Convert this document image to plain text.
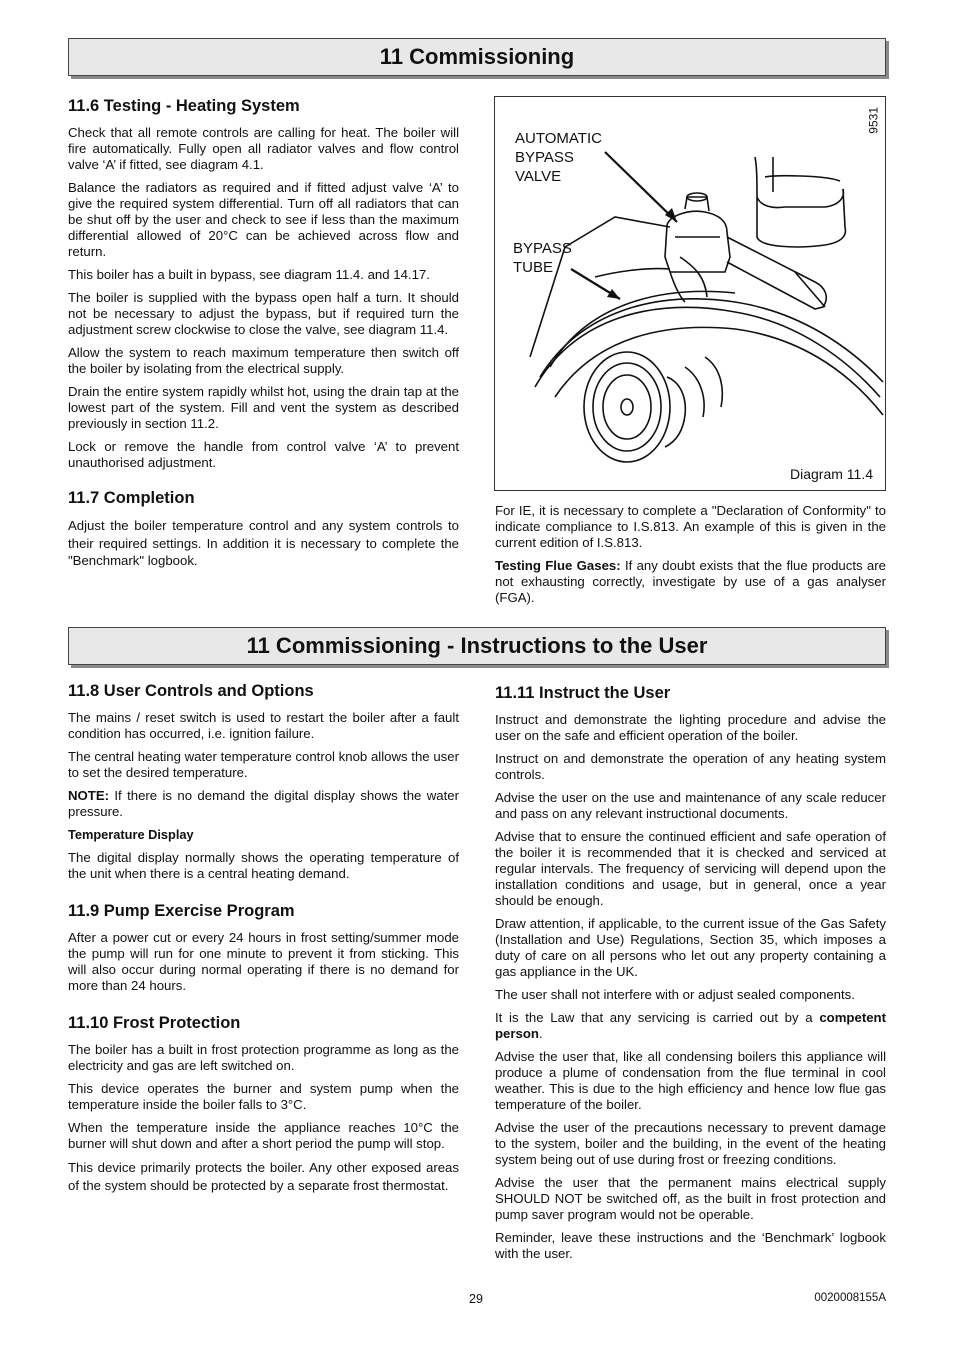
11 Commissioning
11.6 Testing - Heating System

Check that all remote controls are calling for heat. The boiler will fire automatically. Fully open all radiator valves and flow control valve ‘A’ if fitted, see diagram 4.1.

Balance the radiators as required and if fitted adjust valve ‘A’ to give the required system differential. Turn off all radiators that can be shut off by the user and check to see if less than the maximum differential allowed of 20°C can be achieved across flow and return.

This boiler has a built in bypass, see diagram 11.4. and 14.17.

The boiler is supplied with the bypass open half a turn. It should not be necessary to adjust the bypass, but if required turn the adjustment screw clockwise to close the valve, see diagram 11.4.

Allow the system to reach maximum temperature then switch off the boiler by isolating from the electrical supply.

Drain the entire system rapidly whilst hot, using the drain tap at the lowest part of the system. Fill and vent the system as described previously in section 11.2.

Lock or remove the handle from control valve ‘A’ to prevent unauthorised adjustment.

11.7 Completion

Adjust the boiler temperature control and any system controls to their required settings. In addition it is necessary to complete the "Benchmark" logbook.

AUTOMATIC
BYPASS
VALVE
BYPASS
TUBE
9531
Diagram 11.4

For IE, it is necessary to complete a "Declaration of Conformity" to indicate compliance to I.S.813. An example of this is given in the current edition of I.S.813.

Testing Flue Gases: If any doubt exists that the flue products are not exhausting correctly, investigate by use of a gas analyser (FGA).

11 Commissioning - Instructions to the User
11.8 User Controls and Options

The mains / reset switch is used to restart the boiler after a fault condition has occurred, i.e. ignition failure.

The central heating water temperature control knob allows the user to set the desired temperature.

NOTE: If there is no demand the digital display shows the water pressure.

Temperature Display

The digital display normally shows the operating temperature of the unit when there is a central heating demand.

11.9 Pump Exercise Program

After a power cut or every 24 hours in frost setting/summer mode the pump will run for one minute to prevent it from sticking. This will also occur during normal operating if there is no demand for more than 24 hours.

11.10 Frost Protection

The boiler has a built in frost protection programme as long as the electricity and gas are left switched on.

This device operates the burner and system pump when the temperature inside the boiler falls to 3°C.

When the temperature inside the appliance reaches 10°C the burner will shut down and after a short period the pump will stop.

This device primarily protects the boiler. Any other exposed areas of the system should be protected by a separate frost thermostat.

11.11 Instruct the User

Instruct and demonstrate the lighting procedure and advise the user on the safe and efficient operation of the boiler.

Instruct on and demonstrate the operation of any heating system controls.

Advise the user on the use and maintenance of any scale reducer and pass on any relevant instructional documents.

Advise that to ensure the continued efficient and safe operation of the boiler it is recommended that it is checked and serviced at regular intervals. The frequency of servicing will depend upon the installation conditions and usage, but in general, once a year should be enough.

Draw attention, if applicable, to the current issue of the Gas Safety (Installation and Use) Regulations, Section 35, which imposes a duty of care on all persons who let out any property containing a gas appliance in the UK.

The user shall not interfere with or adjust sealed components.

It is the Law that any servicing is carried out by a competent person.

Advise the user that, like all condensing boilers this appliance will produce a plume of condensation from the flue terminal in cool weather. This is due to the high efficiency and hence low flue gas temperature of the boiler.

Advise the user of the precautions necessary to prevent damage to the system, boiler and the building, in the event of the heating system being out of use during frost or freezing conditions.

Advise the user that the permanent mains electrical supply SHOULD NOT be switched off, as the built in frost protection and pump saver program would not be operable.

Reminder, leave these instructions and the ‘Benchmark’ logbook with the user.

29	0020008155A
